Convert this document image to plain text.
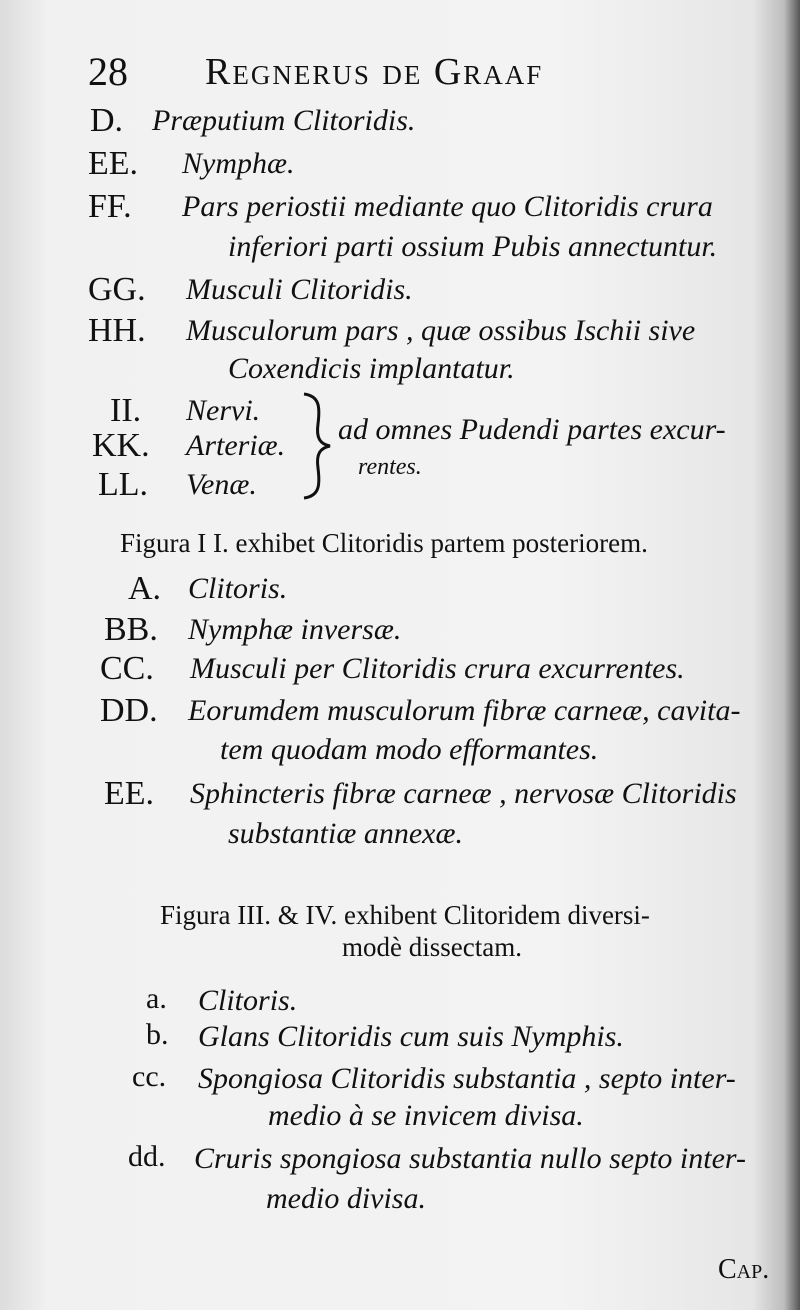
28 Regnerus de Graaf
D. Præputium Clitoridis.
EE. Nymphæ.
FF. Pars periostii mediante quo Clitoridis crura
inferiori parti ossium Pubis annectuntur.
GG. Musculi Clitoridis.
HH. Musculorum pars , quæ ossibus Ischii sive
Coxendicis implantatur.
II. Nervi.
KK. Arteriæ.
LL. Venæ.
ad omnes Pudendi partes excur-
rentes.
Figura I I. exhibet Clitoridis partem posteriorem.
A. Clitoris.
BB. Nymphæ inversæ.
CC. Musculi per Clitoridis crura excurrentes.
DD. Eorumdem musculorum fibræ carneæ, cavita-
tem quodam modo efformantes.
EE. Sphincteris fibræ carneæ , nervosæ Clitoridis
substantiæ annexæ.
Figura III. & IV. exhibent Clitoridem diversi-
modè dissectam.
a. Clitoris.
b. Glans Clitoridis cum suis Nymphis.
cc. Spongiosa Clitoridis substantia , septo inter-
medio à se invicem divisa.
dd. Cruris spongiosa substantia nullo septo inter-
medio divisa.
Cap.
